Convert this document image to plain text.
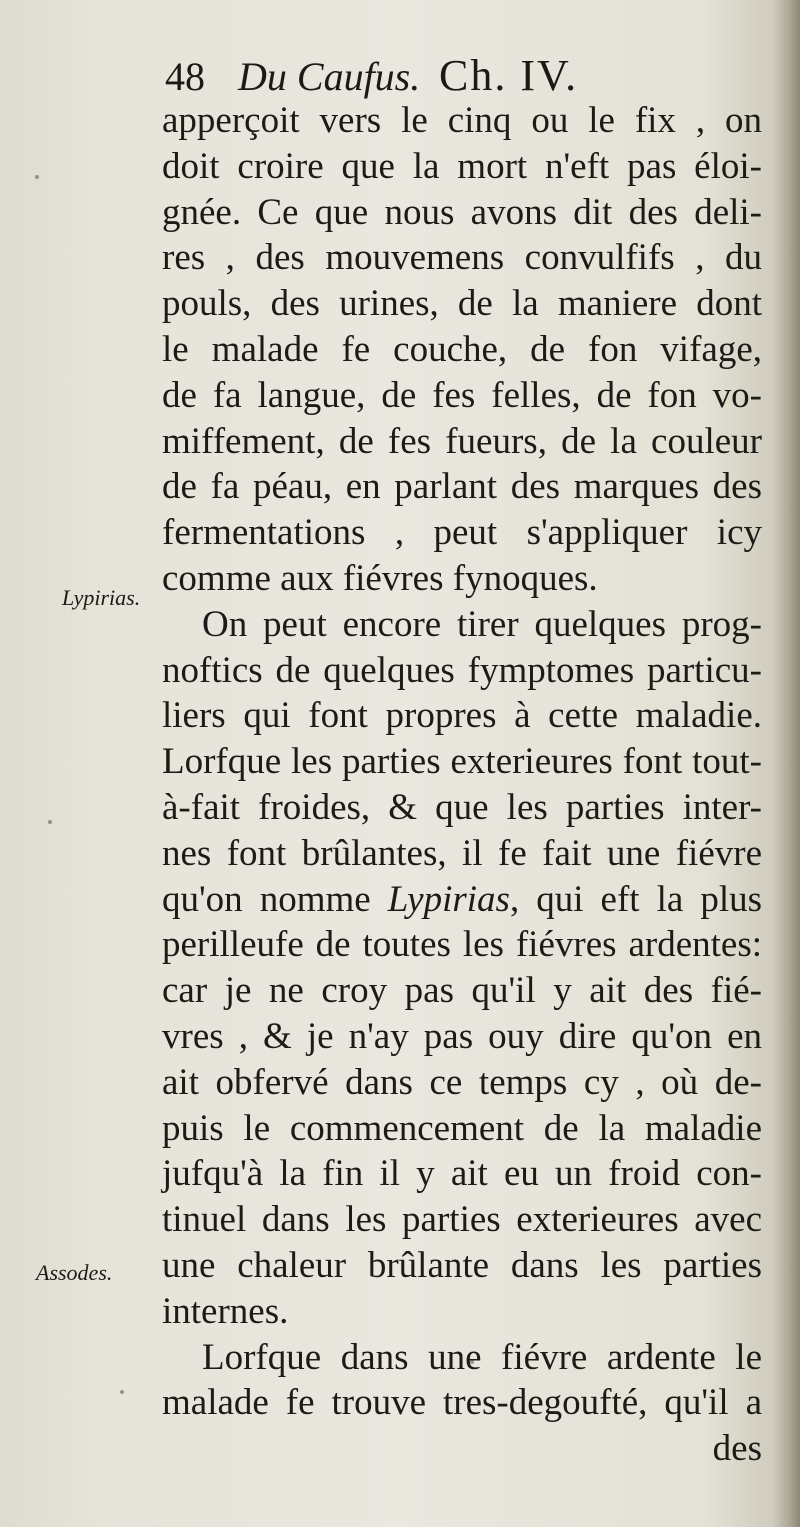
48 Du Caufus. Ch. IV.
Lypirias.
Assodes.
apperçoit vers le cinq ou le fix , on
doit croire que la mort n'eft pas éloi-
gnée. Ce que nous avons dit des deli-
res , des mouvemens convulfifs , du
pouls, des urines, de la maniere dont
le malade fe couche, de fon vifage,
de fa langue, de fes felles, de fon vo-
miffement, de fes fueurs, de la couleur
de fa péau, en parlant des marques des
fermentations , peut s'appliquer icy
comme aux fiévres fynoques.
On peut encore tirer quelques prog-
noftics de quelques fymptomes particu-
liers qui font propres à cette maladie.
Lorfque les parties exterieures font tout-
à-fait froides, & que les parties inter-
nes font brûlantes, il fe fait une fiévre
qu'on nomme Lypirias, qui eft la plus
perilleufe de toutes les fiévres ardentes:
car je ne croy pas qu'il y ait des fié-
vres , & je n'ay pas ouy dire qu'on en
ait obfervé dans ce temps cy , où de-
puis le commencement de la maladie
jufqu'à la fin il y ait eu un froid con-
tinuel dans les parties exterieures avec
une chaleur brûlante dans les parties
internes.
Lorfque dans une fiévre ardente le
malade fe trouve tres-degoufté, qu'il a
des
